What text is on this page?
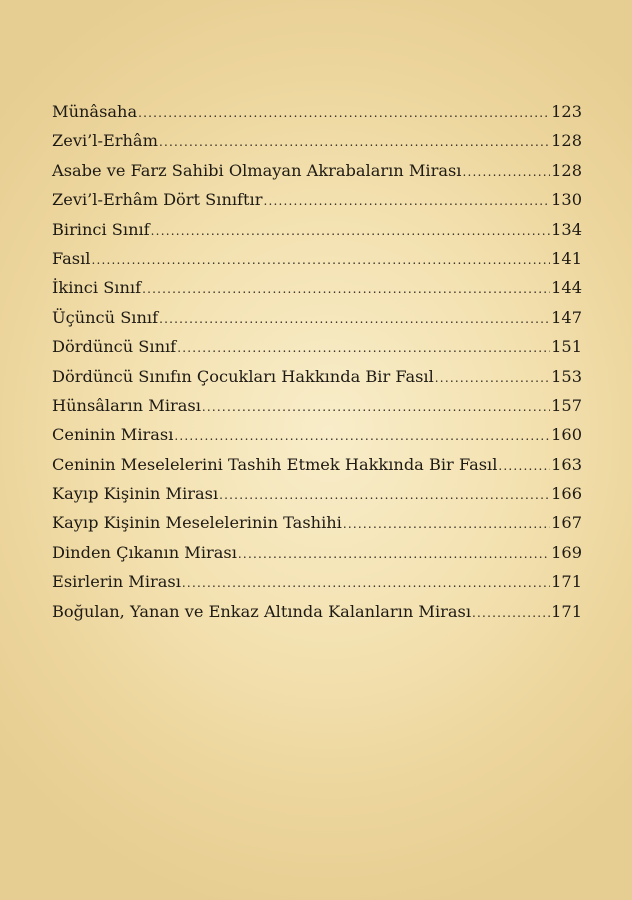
Münâsaha .....	123
Zevi’l-Erhâm .....	128
Asabe ve Farz Sahibi Olmayan Akrabaların Mirası .....	128
Zevi’l-Erhâm Dört Sınıftır .....	130
Birinci Sınıf .....	134
Fasıl .....	141
İkinci Sınıf .....	144
Üçüncü Sınıf .....	147
Dördüncü Sınıf .....	151
Dördüncü Sınıfın Çocukları Hakkında Bir Fasıl .....	153
Hünsâların Mirası .....	157
Ceninin Mirası .....	160
Ceninin Meselelerini Tashih Etmek Hakkında Bir Fasıl .....	163
Kayıp Kişinin Mirası .....	166
Kayıp Kişinin Meselelerinin Tashihi .....	167
Dinden Çıkanın Mirası .....	169
Esirlerin Mirası .....	171
Boğulan, Yanan ve Enkaz Altında Kalanların Mirası .....	171
